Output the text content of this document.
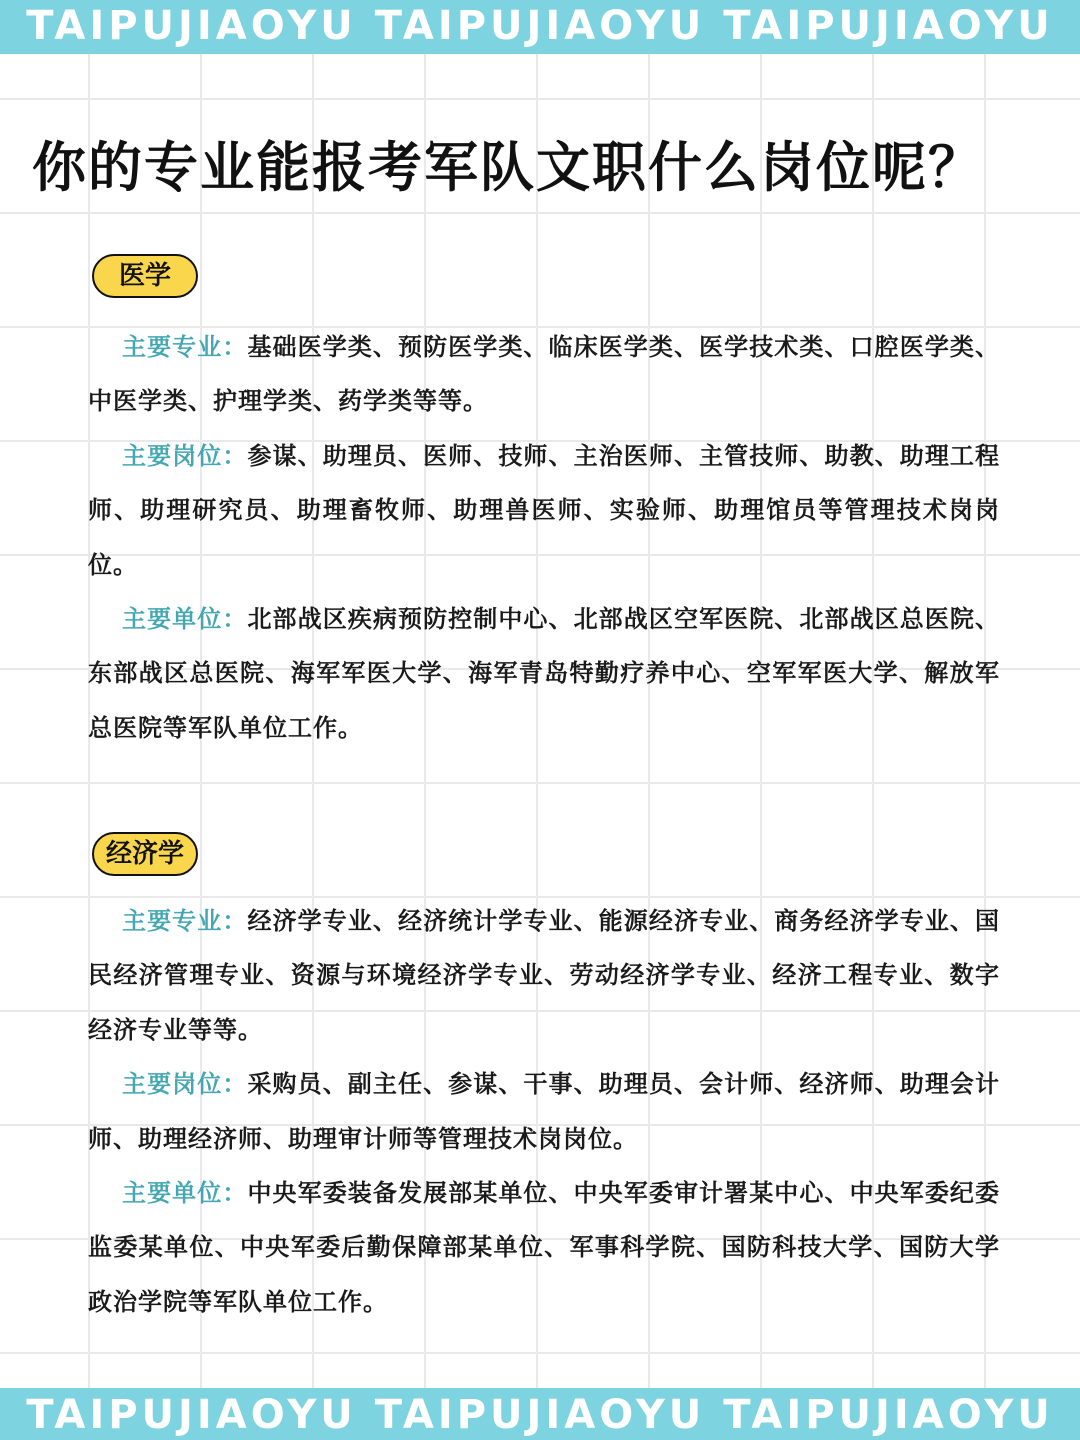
TAIPUJIAOYU TAIPUJIAOYU TAIPUJIAOYU
你的专业能报考军队文职什么岗位呢？
医学

主要专业：基础医学类、预防医学类、临床医学类、医学技术类、口腔医学类、中医学类、护理学类、药学类等等。

主要岗位：参谋、助理员、医师、技师、主治医师、主管技师、助教、助理工程师、助理研究员、助理畜牧师、助理兽医师、实验师、助理馆员等管理技术岗岗位。

主要单位：北部战区疾病预防控制中心、北部战区空军医院、北部战区总医院、东部战区总医院、海军军医大学、海军青岛特勤疗养中心、空军军医大学、解放军总医院等军队单位工作。

经济学

主要专业：经济学专业、经济统计学专业、能源经济专业、商务经济学专业、国民经济管理专业、资源与环境经济学专业、劳动经济学专业、经济工程专业、数字经济专业等等。

主要岗位：采购员、副主任、参谋、干事、助理员、会计师、经济师、助理会计师、助理经济师、助理审计师等管理技术岗岗位。

主要单位：中央军委装备发展部某单位、中央军委审计署某中心、中央军委纪委监委某单位、中央军委后勤保障部某单位、军事科学院、国防科技大学、国防大学政治学院等军队单位工作。

TAIPUJIAOYU TAIPUJIAOYU TAIPUJIAOYU
